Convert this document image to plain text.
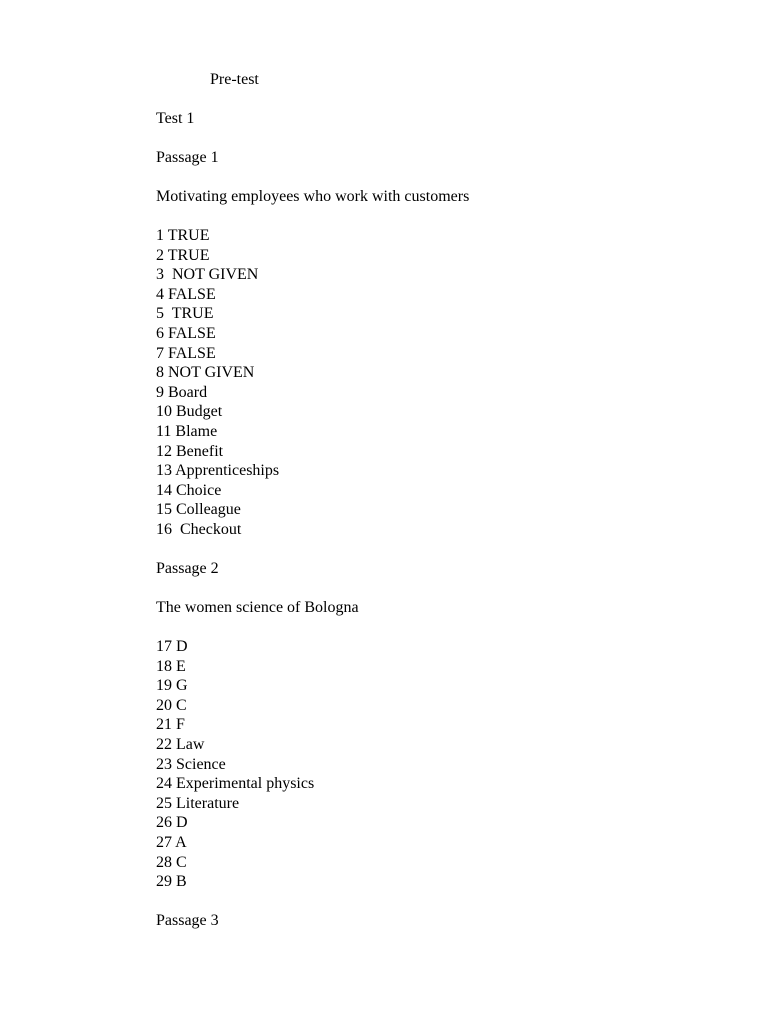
Pre-test
Test 1
Passage 1
Motivating employees who work with customers
1 TRUE
2 TRUE
3  NOT GIVEN
4 FALSE
5  TRUE
6 FALSE
7 FALSE
8 NOT GIVEN
9 Board
10 Budget
11 Blame
12 Benefit
13 Apprenticeships
14 Choice
15 Colleague
16  Checkout
Passage 2
The women science of Bologna
17 D
18 E
19 G
20 C
21 F
22 Law
23 Science
24 Experimental physics
25 Literature
26 D
27 A
28 C
29 B
Passage 3
